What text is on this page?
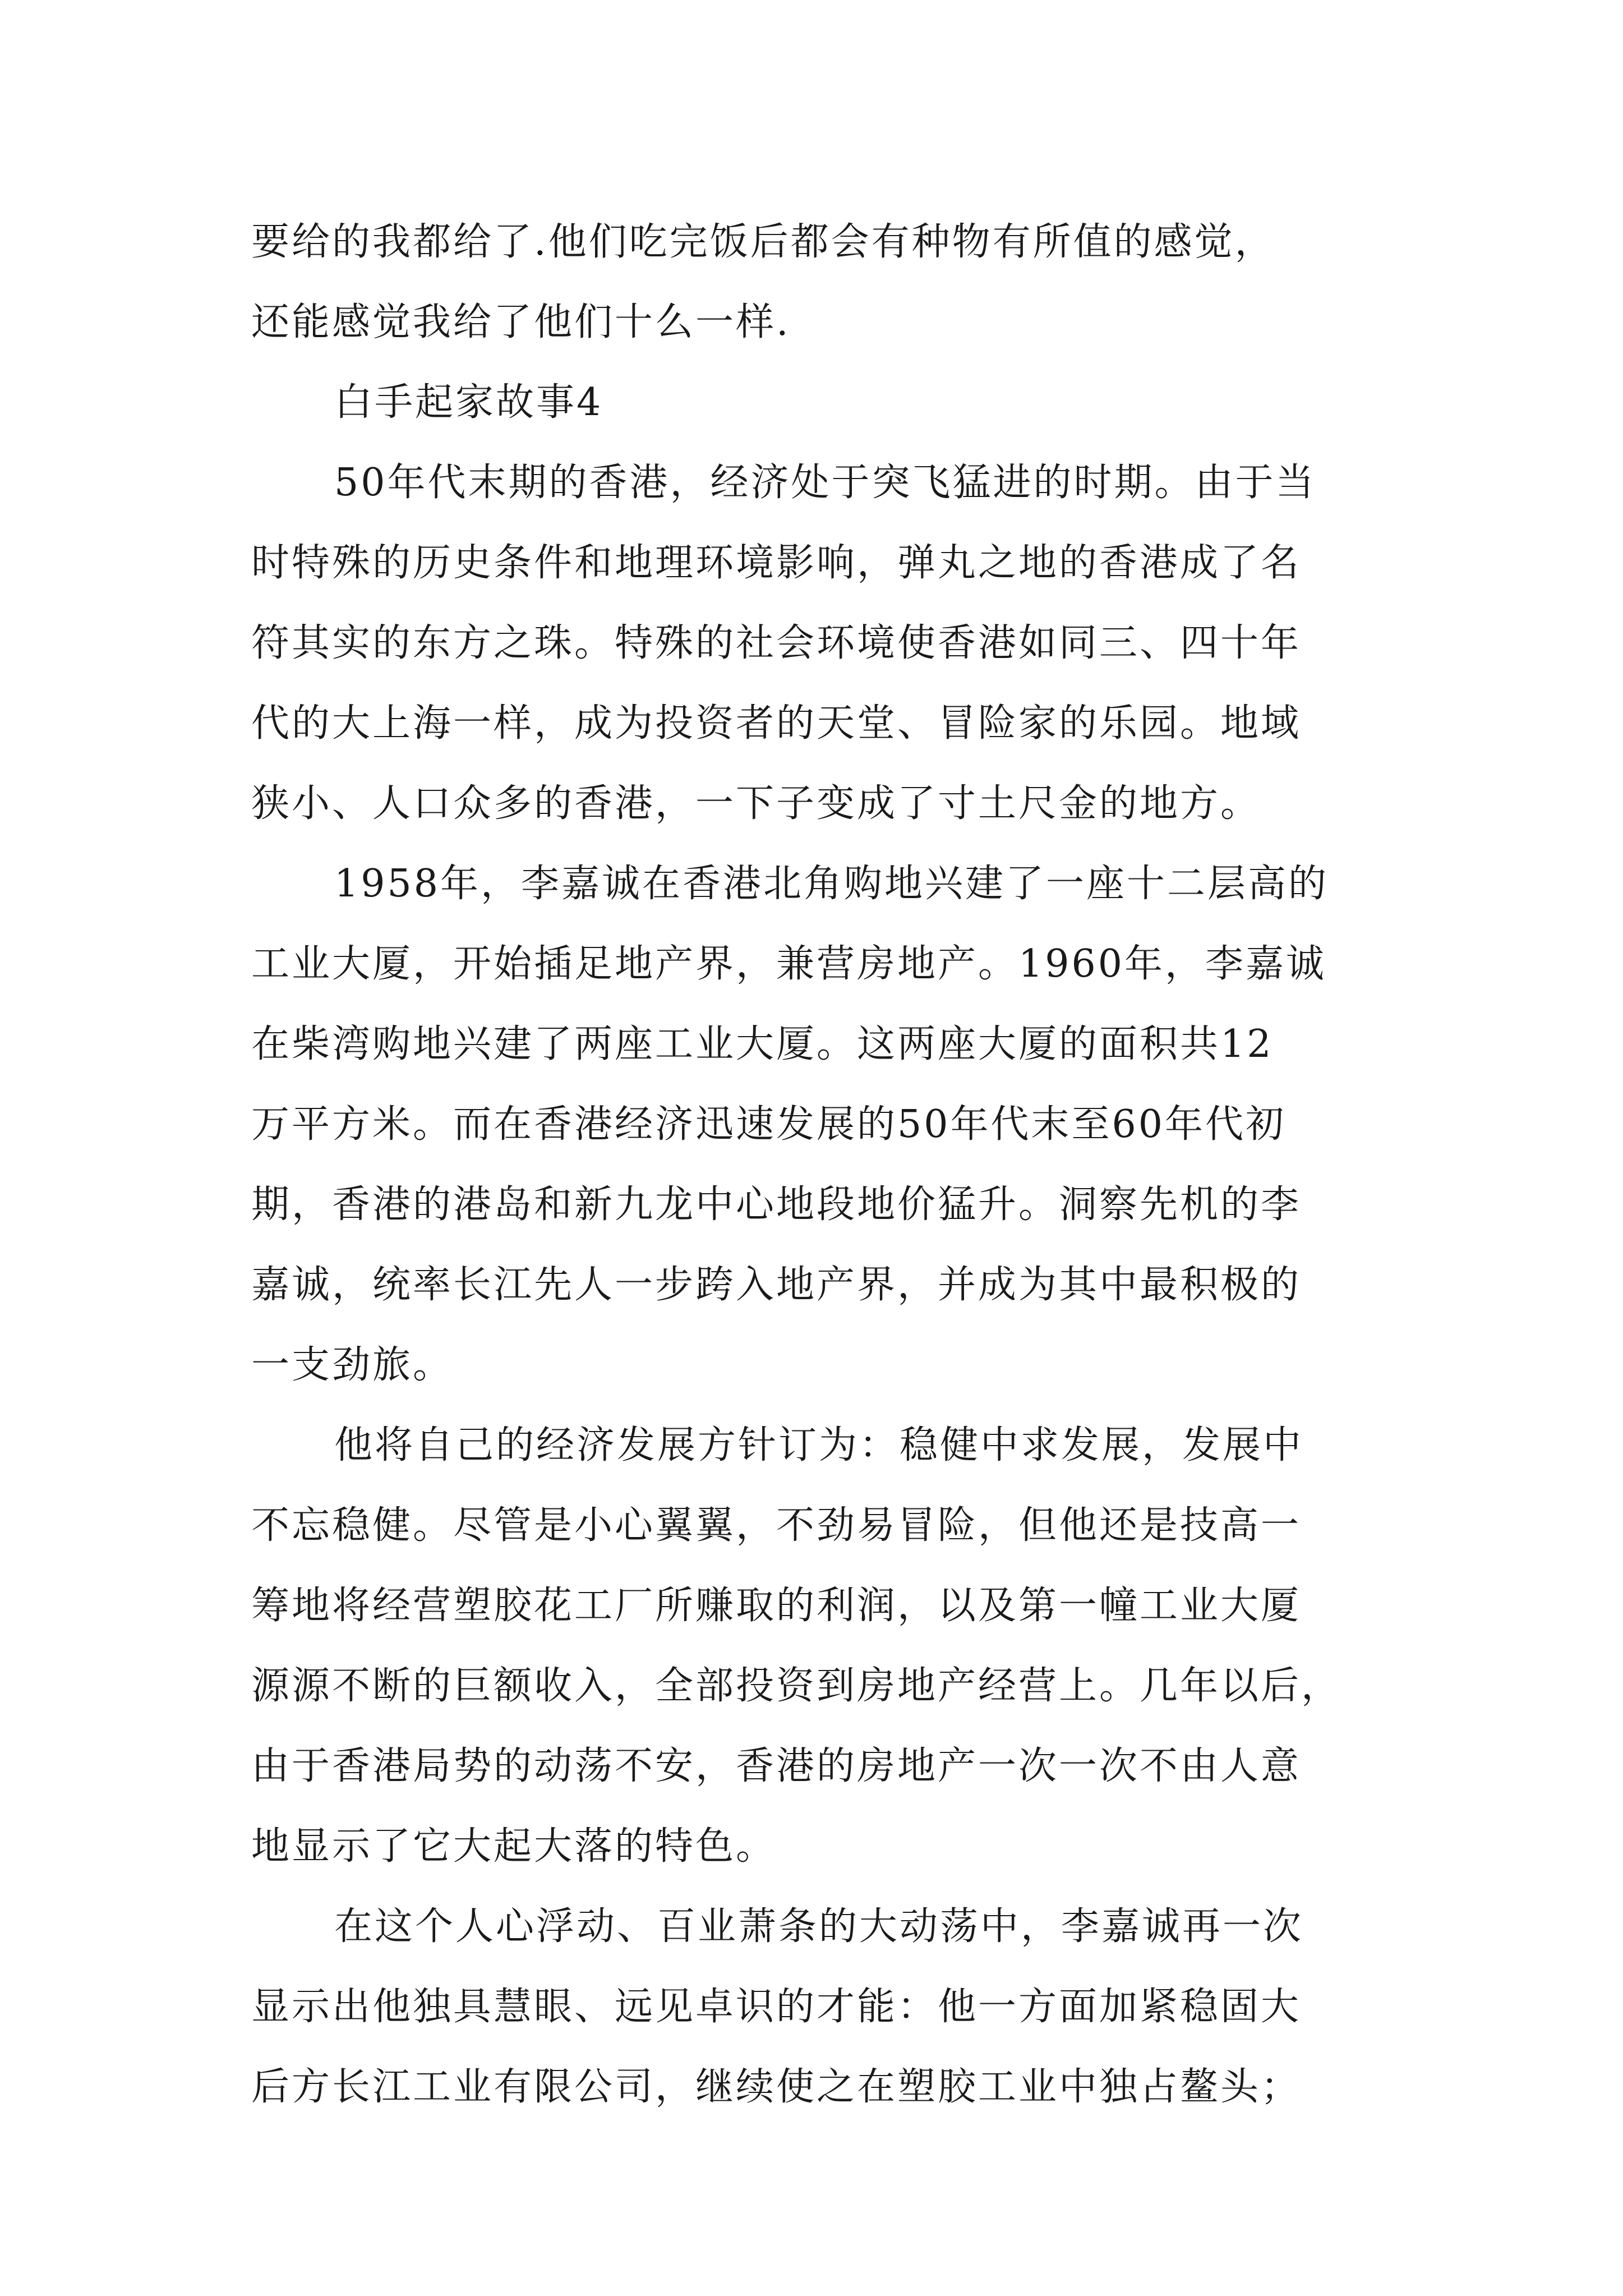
要给的我都给了.他们吃完饭后都会有种物有所值的感觉，
还能感觉我给了他们十么一样.
白手起家故事4
50年代末期的香港，经济处于突飞猛进的时期。由于当
时特殊的历史条件和地理环境影响，弹丸之地的香港成了名
符其实的东方之珠。特殊的社会环境使香港如同三、四十年
代的大上海一样，成为投资者的天堂、冒险家的乐园。地域
狭小、人口众多的香港，一下子变成了寸土尺金的地方。
1958年，李嘉诚在香港北角购地兴建了一座十二层高的
工业大厦，开始插足地产界，兼营房地产。1960年，李嘉诚
在柴湾购地兴建了两座工业大厦。这两座大厦的面积共12
万平方米。而在香港经济迅速发展的50年代末至60年代初
期，香港的港岛和新九龙中心地段地价猛升。洞察先机的李
嘉诚，统率长江先人一步跨入地产界，并成为其中最积极的
一支劲旅。
他将自己的经济发展方针订为：稳健中求发展，发展中
不忘稳健。尽管是小心翼翼，不劲易冒险，但他还是技高一
筹地将经营塑胶花工厂所赚取的利润，以及第一幢工业大厦
源源不断的巨额收入，全部投资到房地产经营上。几年以后，
由于香港局势的动荡不安，香港的房地产一次一次不由人意
地显示了它大起大落的特色。
在这个人心浮动、百业萧条的大动荡中，李嘉诚再一次
显示出他独具慧眼、远见卓识的才能：他一方面加紧稳固大
后方长江工业有限公司，继续使之在塑胶工业中独占鳌头；
